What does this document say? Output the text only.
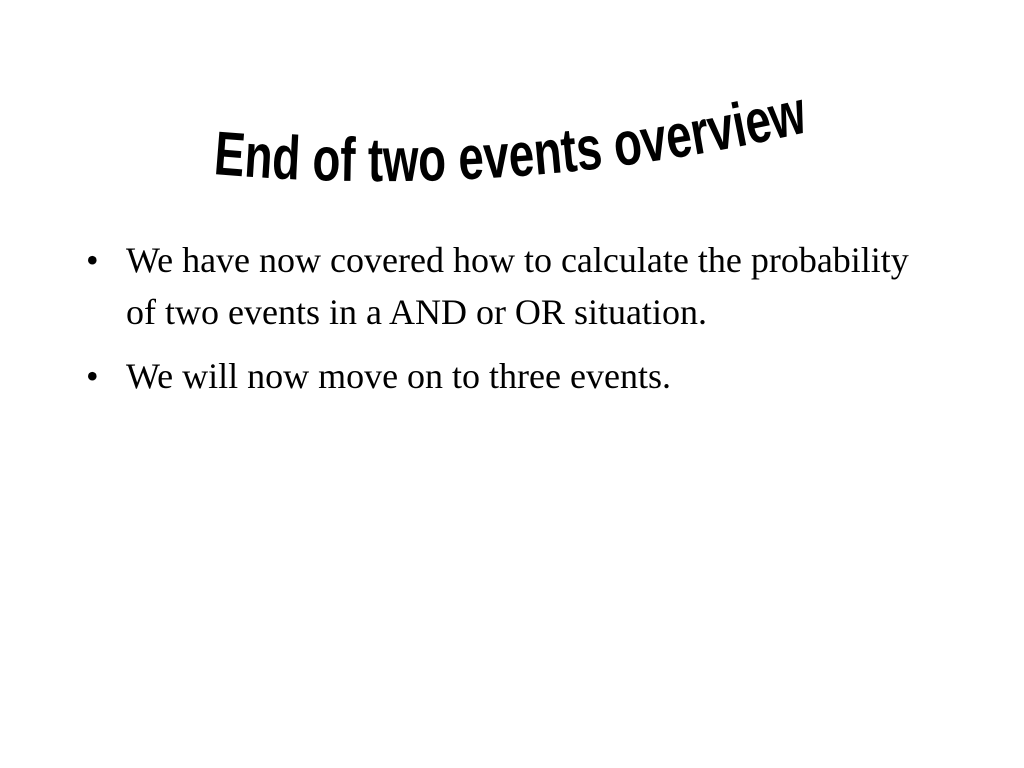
End of two events overview
• We have now covered how to calculate the probability of two events in a AND or OR situation.
• We will now move on to three events.
